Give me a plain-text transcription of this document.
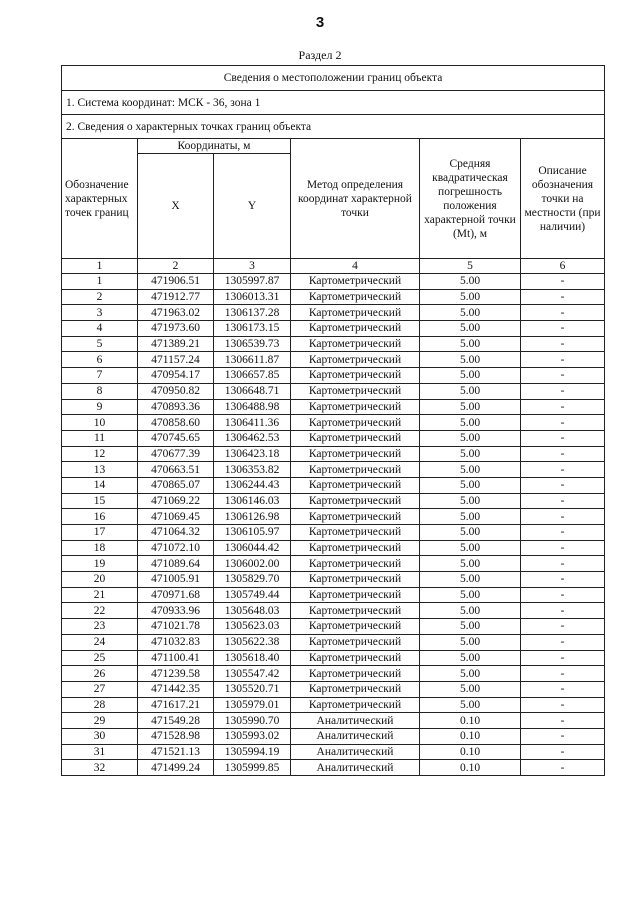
3
Раздел 2
Сведения о местоположении границ объекта					
1. Система координат: МСК - 36, зона 1					
2. Сведения о характерных точках границ объекта					
Обозначение характерных точек границ	Координаты, м		Метод определения координат характерной точки	Средняя квадратическая погрешность положения характерной точки (Mt), м	Описание обозначения точки на местности (при наличии)
	X	Y			
1	2	3	4	5	6
1	471906.51	1305997.87	Картометрический	5.00	-
2	471912.77	1306013.31	Картометрический	5.00	-
3	471963.02	1306137.28	Картометрический	5.00	-
4	471973.60	1306173.15	Картометрический	5.00	-
5	471389.21	1306539.73	Картометрический	5.00	-
6	471157.24	1306611.87	Картометрический	5.00	-
7	470954.17	1306657.85	Картометрический	5.00	-
8	470950.82	1306648.71	Картометрический	5.00	-
9	470893.36	1306488.98	Картометрический	5.00	-
10	470858.60	1306411.36	Картометрический	5.00	-
11	470745.65	1306462.53	Картометрический	5.00	-
12	470677.39	1306423.18	Картометрический	5.00	-
13	470663.51	1306353.82	Картометрический	5.00	-
14	470865.07	1306244.43	Картометрический	5.00	-
15	471069.22	1306146.03	Картометрический	5.00	-
16	471069.45	1306126.98	Картометрический	5.00	-
17	471064.32	1306105.97	Картометрический	5.00	-
18	471072.10	1306044.42	Картометрический	5.00	-
19	471089.64	1306002.00	Картометрический	5.00	-
20	471005.91	1305829.70	Картометрический	5.00	-
21	470971.68	1305749.44	Картометрический	5.00	-
22	470933.96	1305648.03	Картометрический	5.00	-
23	471021.78	1305623.03	Картометрический	5.00	-
24	471032.83	1305622.38	Картометрический	5.00	-
25	471100.41	1305618.40	Картометрический	5.00	-
26	471239.58	1305547.42	Картометрический	5.00	-
27	471442.35	1305520.71	Картометрический	5.00	-
28	471617.21	1305979.01	Картометрический	5.00	-
29	471549.28	1305990.70	Аналитический	0.10	-
30	471528.98	1305993.02	Аналитический	0.10	-
31	471521.13	1305994.19	Аналитический	0.10	-
32	471499.24	1305999.85	Аналитический	0.10	-
